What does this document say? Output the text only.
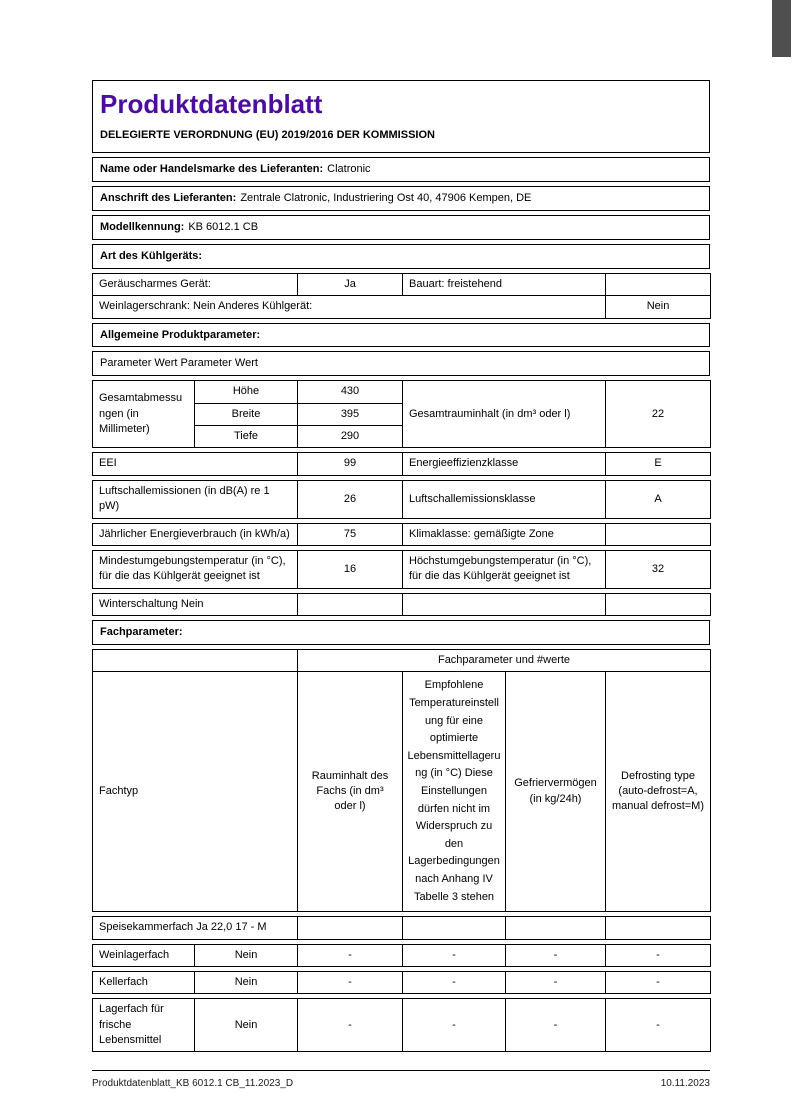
Produktdatenblatt
DELEGIERTE VERORDNUNG (EU) 2019/2016 DER KOMMISSION
Name oder Handelsmarke des Lieferanten: Clatronic
Anschrift des Lieferanten: Zentrale Clatronic, Industriering Ost 40, 47906 Kempen, DE
Modellkennung: KB 6012.1 CB
Art des Kühlgeräts:
Geräuscharmes Gerät:	Ja	Bauart: freistehend	
Weinlagerschrank: Nein Anderes Kühlgerät:			Nein
Allgemeine Produktparameter:
Parameter Wert Parameter Wert
Gesamtabmessungen (in Millimeter)	Höhe	430	Gesamtrauminhalt (in dm³ oder l)	22
	Breite	395		
	Tiefe	290		
EEI	99	Energieeffizienzklasse	E
Luftschallemissionen (in dB(A) re 1 pW)	26	Luftschallemissionsklasse	A
Jährlicher Energieverbrauch (in kWh/a)	75	Klimaklasse: gemäßigte Zone	
Mindestumgebungstemperatur (in °C), für die das Kühlgerät geeignet ist	16	Höchstumgebungstemperatur (in °C), für die das Kühlgerät geeignet ist	32
Winterschaltung Nein			
Fachparameter:
	Fachparameter und #werte			
Fachtyp	Rauminhalt des Fachs (in dm³ oder l)	Empfohlene Temperatureinstellung für eine optimierte Lebensmittellagerung (in °C) Diese Einstellungen dürfen nicht im Widerspruch zu den Lagerbedingungen nach Anhang IV Tabelle 3 stehen	Gefriervermögen (in kg/24h)	Defrosting type (auto-defrost=A, manual defrost=M)
Speisekammerfach Ja 22,0 17 - M				
Weinlagerfach	Nein	-	-	-	-
Kellerfach	Nein	-	-	-	-
Lagerfach für frische Lebensmittel	Nein	-	-	-	-
Produktdatenblatt_KB 6012.1 CB_11.2023_D	10.11.2023
